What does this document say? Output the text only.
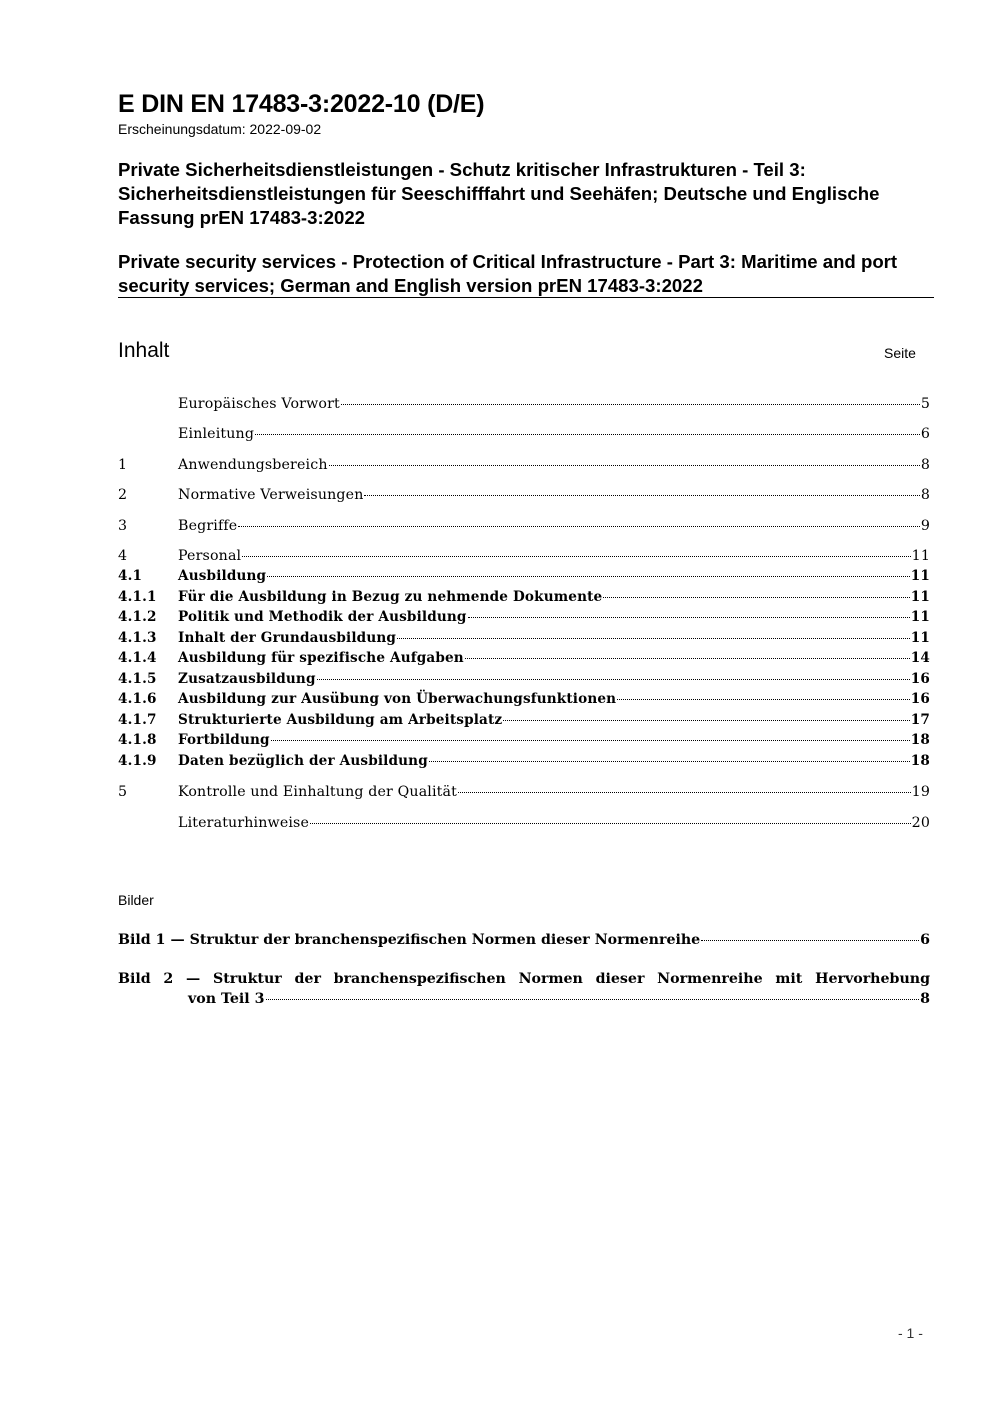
E DIN EN 17483-3:2022-10 (D/E)
Erscheinungsdatum: 2022-09-02
Private Sicherheitsdienstleistungen - Schutz kritischer Infrastrukturen - Teil 3: Sicherheitsdienstleistungen für Seeschifffahrt und Seehäfen; Deutsche und Englische Fassung prEN 17483-3:2022
Private security services - Protection of Critical Infrastructure - Part 3: Maritime and port security services; German and English version prEN 17483-3:2022
Inhalt	Seite
Europäisches Vorwort	5
Einleitung	6
1	Anwendungsbereich	8
2	Normative Verweisungen	8
3	Begriffe	9
4	Personal	11
4.1	Ausbildung	11
4.1.1	Für die Ausbildung in Bezug zu nehmende Dokumente	11
4.1.2	Politik und Methodik der Ausbildung	11
4.1.3	Inhalt der Grundausbildung	11
4.1.4	Ausbildung für spezifische Aufgaben	14
4.1.5	Zusatzausbildung	16
4.1.6	Ausbildung zur Ausübung von Überwachungsfunktionen	16
4.1.7	Strukturierte Ausbildung am Arbeitsplatz	17
4.1.8	Fortbildung	18
4.1.9	Daten bezüglich der Ausbildung	18
5	Kontrolle und Einhaltung der Qualität	19
Literaturhinweise	20
Bilder
Bild 1 — Struktur der branchenspezifischen Normen dieser Normenreihe	6
Bild 2 — Struktur der branchenspezifischen Normen dieser Normenreihe mit Hervorhebung
von Teil 3	8
- 1 -
